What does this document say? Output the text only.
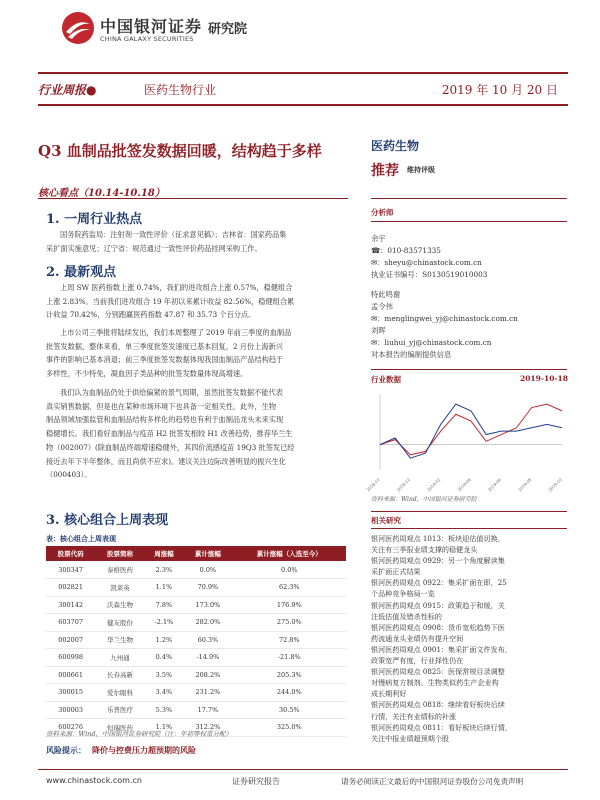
中国银河证券
CHINA GALAXY SECURITIES
研究院
行业周报●	医药生物行业	2019 年 10 月 20 日
Q3 血制品批签发数据回暖，结构趋于多样
核心看点（10.14-10.18）
1. 一周行业热点
国务院药监局：注射剂一致性评价（征求意见稿）；吉林省：国家药品集
采扩面实施意见；辽宁省：规范通过一致性评价药品挂网采购工作。
2. 最新观点
上周 SW 医药指数上涨 0.74%，我们的进攻组合上涨 0.57%，稳健组合
上涨 2.83%。当前我们进攻组合 19 年初以来累计收益 82.56%，稳健组合累
计收益 70.42%，分别跑赢医药指数 47.87 和 35.73 个百分点。
上市公司三季报将陆续发出，我们本周整理了 2019 年前三季度的血制品
批签发数据，整体来看，单三季度批签发速度已基本回复，2 月份上海新兴
事件的影响已基本消退；前三季度批签发数据体现我国血制品产品结构趋于
多样性，不少特免，凝血因子类品种的批签发数量体现高增速。
我们认为血制品仍处于供给偏紧的景气周期，虽然批签发数据不能代表
真实销售数据，但是也在某种市场环境下也具备一定相关性。此外，生物
制品领域加强监管和血制品结构多样化的趋势也有利于血制品龙头未来实现
稳健增长。我们看好血制品与疫苗 H2 批签发相较 H1 改善趋势，推荐华兰生
物（002007）(除血制品终端增速稳健外，其四价流感疫苗 19Q3 批签发已经
接近去年下半年整体，而且尚供不应求)。建议关注边际改善明显的振兴生化
（000403）。
3. 核心组合上周表现
表：核心组合上周表现
股票代码	股票简称	周涨幅	累计涨幅	累计涨幅（入选至今）
300347	泰格医药	2.3%	0.0%	0.0%
002821	凯莱英	1.1%	70.9%	62.3%
300142	沃森生物	7.8%	173.0%	176.9%
603707	健友股份	-2.1%	282.0%	275.0%
002007	华兰生物	1.2%	60.3%	72.8%
600998	九州通	0.4%	-14.9%	-21.8%
000661	长春高新	3.5%	208.2%	205.3%
300015	爱尔眼科	3.4%	231.2%	244.0%
300003	乐普医疗	5.3%	17.7%	30.5%
600276	恒瑞医药	1.1%	312.2%	325.0%
资料来源：Wind，中国银河证券研究院（注：年初等权重分配）
风险提示： 降价与控费压力超预期的风险
医药生物
推荐 维持评级
分析师
余宇
☎：010-83571335
✉：sheyu@chinastock.com.cn
执业证书编号：S0130519010003
特此鸣谢
孟令伟
✉：menglingwei_yj@chinastock.com.cn
刘晖
✉：liuhui_yj@chinastock.com.cn
对本报告的编制提供信息
行业数据	2019-10-18
2018-10	2018-12	2019-02	2019-04	2019-06	2019-08	2019-10
资料来源：Wind，中国银河证券研究院
相关研究
银河医药周观点 1013：板块迎估值切换，
关注有三季报业绩支撑的稳健龙头
银河医药周观点 0929：另一个角度解读集
采扩面正式结果
银河医药周观点 0922：集采扩面在即，25
个品种竞争格局一览
银河医药周观点 0915：政策趋于和缓，关
注低估值及错杀性标的
银河医药周观点 0908：货币宽松趋势下医
药流通龙头业绩仍有提升空间
银河医药周观点 0901：集采扩面文件发布，
政策宽严有度，行业择性仍在
银河医药周观点 0825：医保常规目录调整
对慢病复方制剂、生物类似药生产企业构
成长期利好
银河医药周观点 0818：继续看好板块后续
行情，关注有业绩标的补涨
银河医药周观点 0811：看好板块后续行情，
关注中报业绩超预期个股
www.chinastock.com.cn	证券研究报告	请务必阅读正文最后的中国银河证券股份公司免责声明
